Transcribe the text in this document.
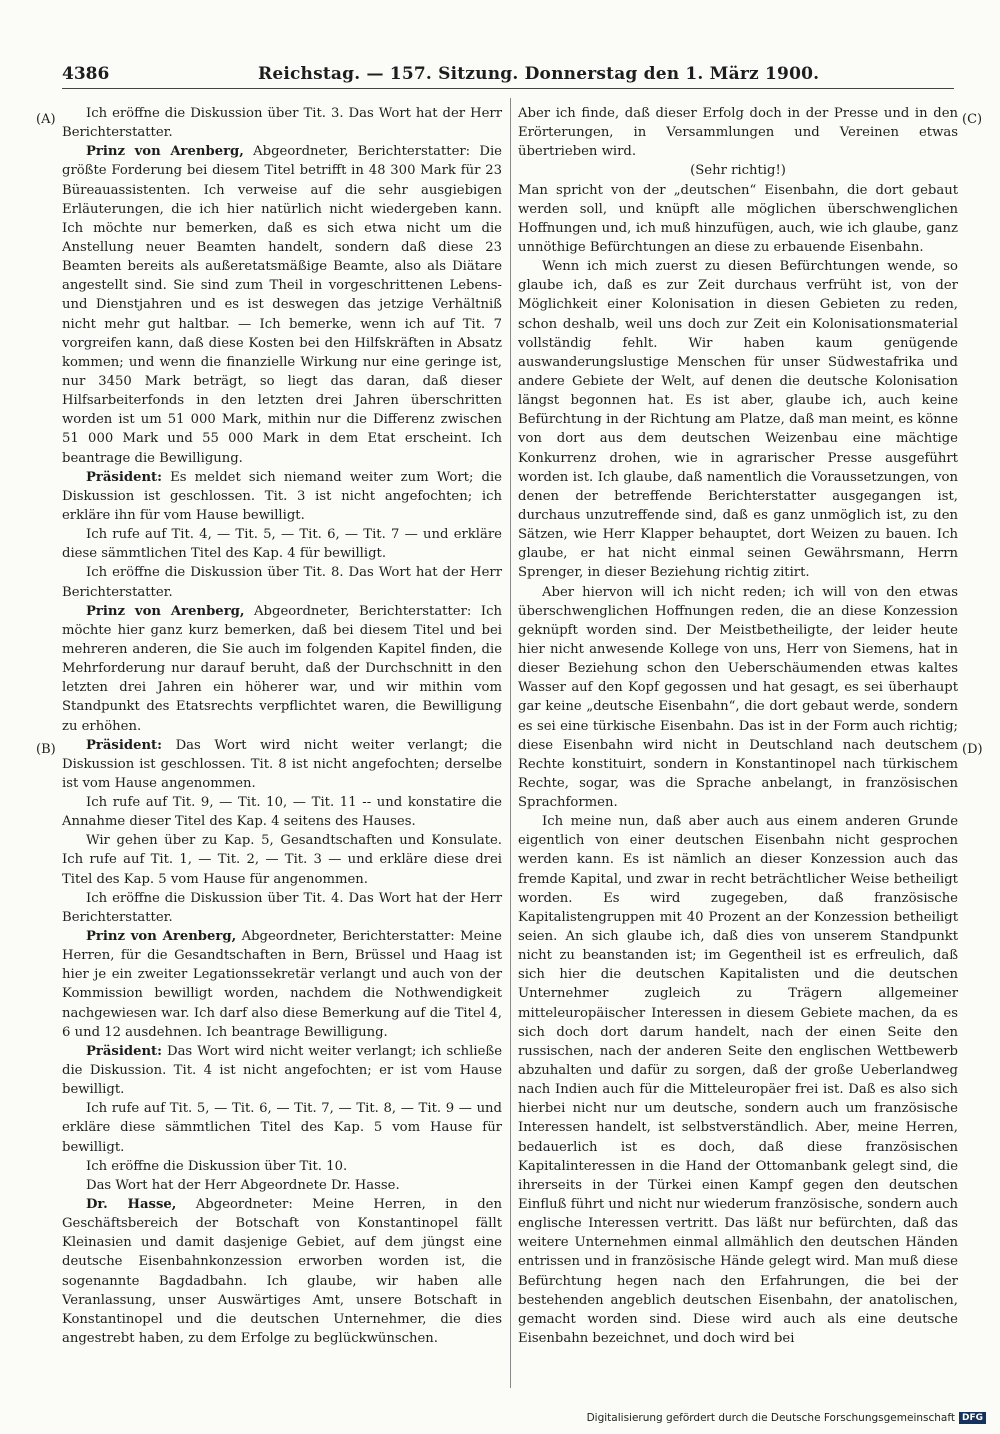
4386	Reichstag. — 157. Sitzung. Donnerstag den 1. März 1900.
(A)
(B)
(C)
(D)

Ich eröffne die Diskussion über Tit. 3. Das Wort hat der Herr Berichterstatter.

Prinz von Arenberg, Abgeordneter, Berichterstatter: Die größte Forderung bei diesem Titel betrifft in 48 300 Mark für 23 Büreauassistenten. Ich verweise auf die sehr ausgiebigen Erläuterungen, die ich hier natürlich nicht wiedergeben kann. Ich möchte nur bemerken, daß es sich etwa nicht um die Anstellung neuer Beamten handelt, sondern daß diese 23 Beamten bereits als außeretatsmäßige Beamte, also als Diätare angestellt sind. Sie sind zum Theil in vorgeschrittenen Lebens- und Dienstjahren und es ist deswegen das jetzige Verhältniß nicht mehr gut haltbar. — Ich bemerke, wenn ich auf Tit. 7 vorgreifen kann, daß diese Kosten bei den Hilfskräften in Absatz kommen; und wenn die finanzielle Wirkung nur eine geringe ist, nur 3450 Mark beträgt, so liegt das daran, daß dieser Hilfsarbeiterfonds in den letzten drei Jahren überschritten worden ist um 51 000 Mark, mithin nur die Differenz zwischen 51 000 Mark und 55 000 Mark in dem Etat erscheint. Ich beantrage die Bewilligung.

Präsident: Es meldet sich niemand weiter zum Wort; die Diskussion ist geschlossen. Tit. 3 ist nicht angefochten; ich erkläre ihn für vom Hause bewilligt.

Ich rufe auf Tit. 4, — Tit. 5, — Tit. 6, — Tit. 7 — und erkläre diese sämmtlichen Titel des Kap. 4 für bewilligt.

Ich eröffne die Diskussion über Tit. 8. Das Wort hat der Herr Berichterstatter.

Prinz von Arenberg, Abgeordneter, Berichterstatter: Ich möchte hier ganz kurz bemerken, daß bei diesem Titel und bei mehreren anderen, die Sie auch im folgenden Kapitel finden, die Mehrforderung nur darauf beruht, daß der Durchschnitt in den letzten drei Jahren ein höherer war, und wir mithin vom Standpunkt des Etatsrechts verpflichtet waren, die Bewilligung zu erhöhen.

Präsident: Das Wort wird nicht weiter verlangt; die Diskussion ist geschlossen. Tit. 8 ist nicht angefochten; derselbe ist vom Hause angenommen.

Ich rufe auf Tit. 9, — Tit. 10, — Tit. 11 -- und konstatire die Annahme dieser Titel des Kap. 4 seitens des Hauses.

Wir gehen über zu Kap. 5, Gesandtschaften und Konsulate. Ich rufe auf Tit. 1, — Tit. 2, — Tit. 3 — und erkläre diese drei Titel des Kap. 5 vom Hause für angenommen.

Ich eröffne die Diskussion über Tit. 4. Das Wort hat der Herr Berichterstatter.

Prinz von Arenberg, Abgeordneter, Berichterstatter: Meine Herren, für die Gesandtschaften in Bern, Brüssel und Haag ist hier je ein zweiter Legationssekretär verlangt und auch von der Kommission bewilligt worden, nachdem die Nothwendigkeit nachgewiesen war. Ich darf also diese Bemerkung auf die Titel 4, 6 und 12 ausdehnen. Ich beantrage Bewilligung.

Präsident: Das Wort wird nicht weiter verlangt; ich schließe die Diskussion. Tit. 4 ist nicht angefochten; er ist vom Hause bewilligt.

Ich rufe auf Tit. 5, — Tit. 6, — Tit. 7, — Tit. 8, — Tit. 9 — und erkläre diese sämmtlichen Titel des Kap. 5 vom Hause für bewilligt.

Ich eröffne die Diskussion über Tit. 10.

Das Wort hat der Herr Abgeordnete Dr. Hasse.

Dr. Hasse, Abgeordneter: Meine Herren, in den Geschäftsbereich der Botschaft von Konstantinopel fällt Kleinasien und damit dasjenige Gebiet, auf dem jüngst eine deutsche Eisenbahnkonzession erworben worden ist, die sogenannte Bagdadbahn. Ich glaube, wir haben alle Veranlassung, unser Auswärtiges Amt, unsere Botschaft in Konstantinopel und die deutschen Unternehmer, die dies angestrebt haben, zu dem Erfolge zu beglückwünschen.

Aber ich finde, daß dieser Erfolg doch in der Presse und in den Erörterungen, in Versammlungen und Vereinen etwas übertrieben wird.

(Sehr richtig!)

Man spricht von der „deutschen“ Eisenbahn, die dort gebaut werden soll, und knüpft alle möglichen überschwenglichen Hoffnungen und, ich muß hinzufügen, auch, wie ich glaube, ganz unnöthige Befürchtungen an diese zu erbauende Eisenbahn.

Wenn ich mich zuerst zu diesen Befürchtungen wende, so glaube ich, daß es zur Zeit durchaus verfrüht ist, von der Möglichkeit einer Kolonisation in diesen Gebieten zu reden, schon deshalb, weil uns doch zur Zeit ein Kolonisationsmaterial vollständig fehlt. Wir haben kaum genügende auswanderungslustige Menschen für unser Südwestafrika und andere Gebiete der Welt, auf denen die deutsche Kolonisation längst begonnen hat. Es ist aber, glaube ich, auch keine Befürchtung in der Richtung am Platze, daß man meint, es könne von dort aus dem deutschen Weizenbau eine mächtige Konkurrenz drohen, wie in agrarischer Presse ausgeführt worden ist. Ich glaube, daß namentlich die Voraussetzungen, von denen der betreffende Berichterstatter ausgegangen ist, durchaus unzutreffende sind, daß es ganz unmöglich ist, zu den Sätzen, wie Herr Klapper behauptet, dort Weizen zu bauen. Ich glaube, er hat nicht einmal seinen Gewährsmann, Herrn Sprenger, in dieser Beziehung richtig zitirt.

Aber hiervon will ich nicht reden; ich will von den etwas überschwenglichen Hoffnungen reden, die an diese Konzession geknüpft worden sind. Der Meistbetheiligte, der leider heute hier nicht anwesende Kollege von uns, Herr von Siemens, hat in dieser Beziehung schon den Ueberschäumenden etwas kaltes Wasser auf den Kopf gegossen und hat gesagt, es sei überhaupt gar keine „deutsche Eisenbahn“, die dort gebaut werde, sondern es sei eine türkische Eisenbahn. Das ist in der Form auch richtig; diese Eisenbahn wird nicht in Deutschland nach deutschem Rechte konstituirt, sondern in Konstantinopel nach türkischem Rechte, sogar, was die Sprache anbelangt, in französischen Sprachformen.

Ich meine nun, daß aber auch aus einem anderen Grunde eigentlich von einer deutschen Eisenbahn nicht gesprochen werden kann. Es ist nämlich an dieser Konzession auch das fremde Kapital, und zwar in recht beträchtlicher Weise betheiligt worden. Es wird zugegeben, daß französische Kapitalistengruppen mit 40 Prozent an der Konzession betheiligt seien. An sich glaube ich, daß dies von unserem Standpunkt nicht zu beanstanden ist; im Gegentheil ist es erfreulich, daß sich hier die deutschen Kapitalisten und die deutschen Unternehmer zugleich zu Trägern allgemeiner mitteleuropäischer Interessen in diesem Gebiete machen, da es sich doch dort darum handelt, nach der einen Seite den russischen, nach der anderen Seite den englischen Wettbewerb abzuhalten und dafür zu sorgen, daß der große Ueberlandweg nach Indien auch für die Mitteleuropäer frei ist. Daß es also sich hierbei nicht nur um deutsche, sondern auch um französische Interessen handelt, ist selbstverständlich. Aber, meine Herren, bedauerlich ist es doch, daß diese französischen Kapitalinteressen in die Hand der Ottomanbank gelegt sind, die ihrerseits in der Türkei einen Kampf gegen den deutschen Einfluß führt und nicht nur wiederum französische, sondern auch englische Interessen vertritt. Das läßt nur befürchten, daß das weitere Unternehmen einmal allmählich den deutschen Händen entrissen und in französische Hände gelegt wird. Man muß diese Befürchtung hegen nach den Erfahrungen, die bei der bestehenden angeblich deutschen Eisenbahn, der anatolischen, gemacht worden sind. Diese wird auch als eine deutsche Eisenbahn bezeichnet, und doch wird bei

Digitalisierung gefördert durch die Deutsche Forschungsgemeinschaft DFG
